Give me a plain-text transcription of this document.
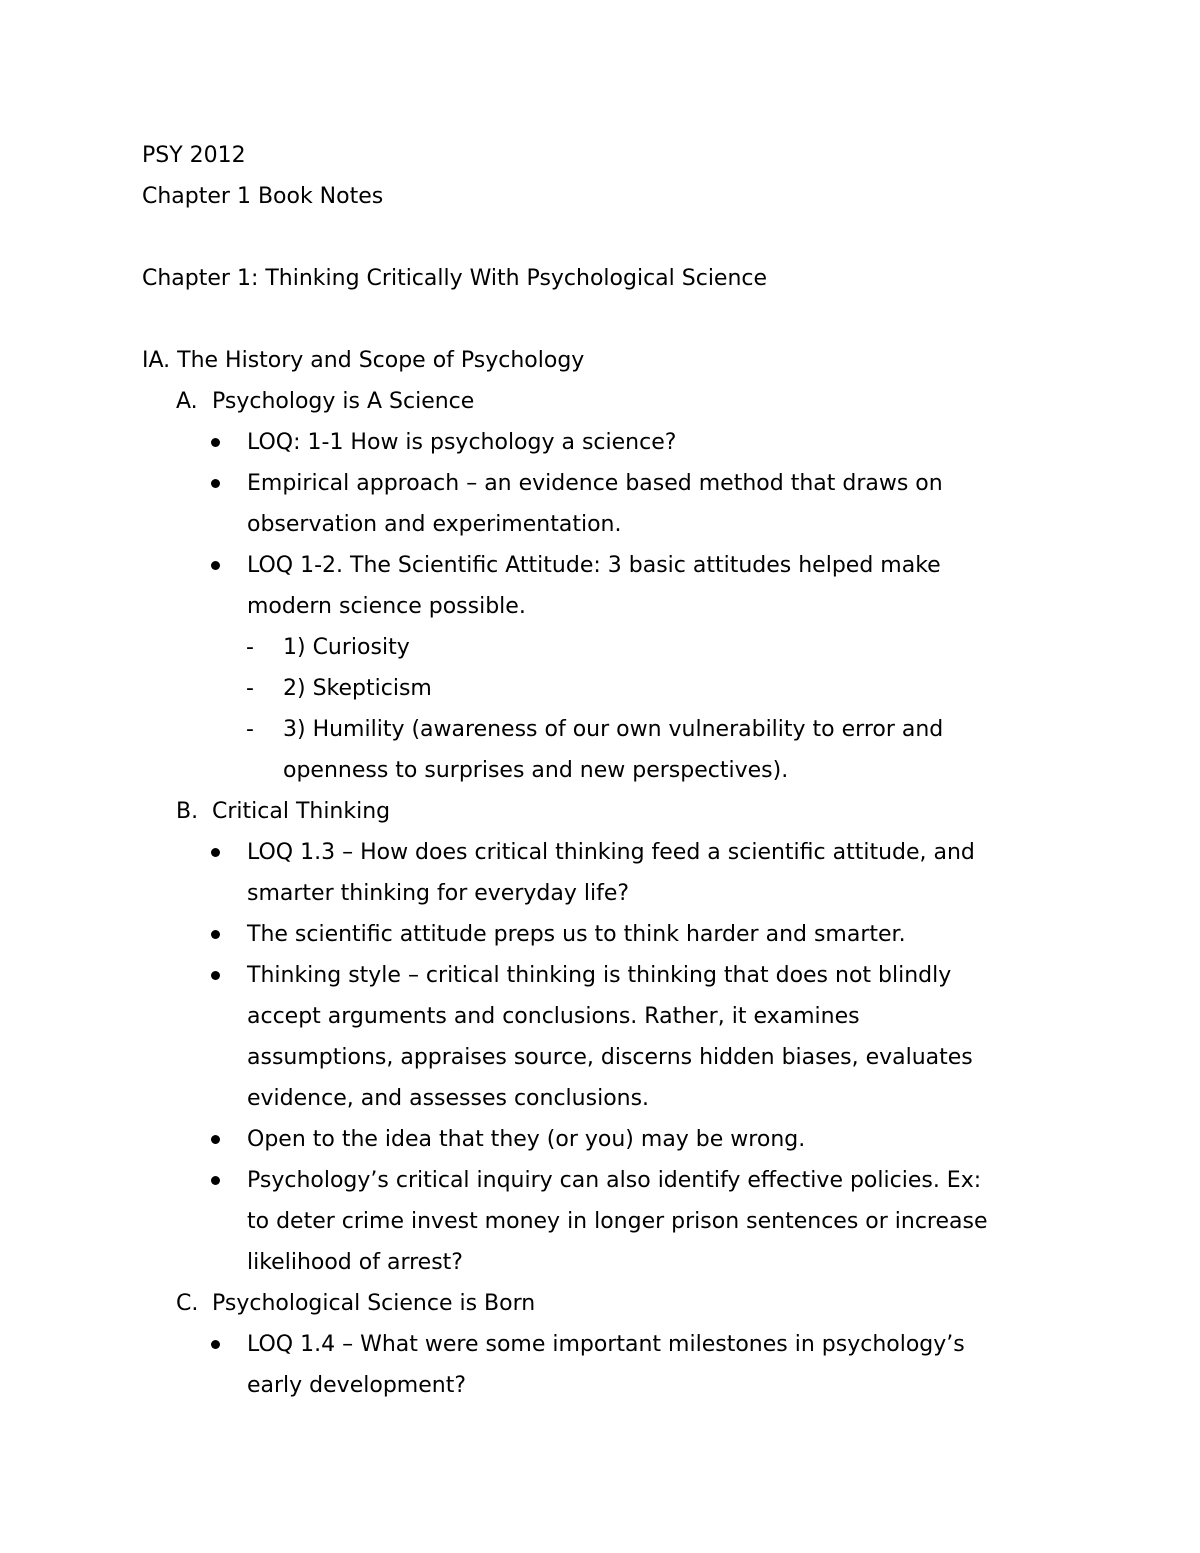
PSY 2012
Chapter 1 Book Notes
Chapter 1: Thinking Critically With Psychological Science
IA. The History and Scope of Psychology
A. Psychology is A Science
LOQ: 1-1 How is psychology a science?
Empirical approach – an evidence based method that draws on
observation and experimentation.
LOQ 1-2. The Scientific Attitude: 3 basic attitudes helped make
modern science possible.
- 1) Curiosity
- 2) Skepticism
- 3) Humility (awareness of our own vulnerability to error and
openness to surprises and new perspectives).
B. Critical Thinking
LOQ 1.3 – How does critical thinking feed a scientific attitude, and
smarter thinking for everyday life?
The scientific attitude preps us to think harder and smarter.
Thinking style – critical thinking is thinking that does not blindly
accept arguments and conclusions. Rather, it examines
assumptions, appraises source, discerns hidden biases, evaluates
evidence, and assesses conclusions.
Open to the idea that they (or you) may be wrong.
Psychology’s critical inquiry can also identify effective policies. Ex:
to deter crime invest money in longer prison sentences or increase
likelihood of arrest?
C. Psychological Science is Born
LOQ 1.4 – What were some important milestones in psychology’s
early development?
